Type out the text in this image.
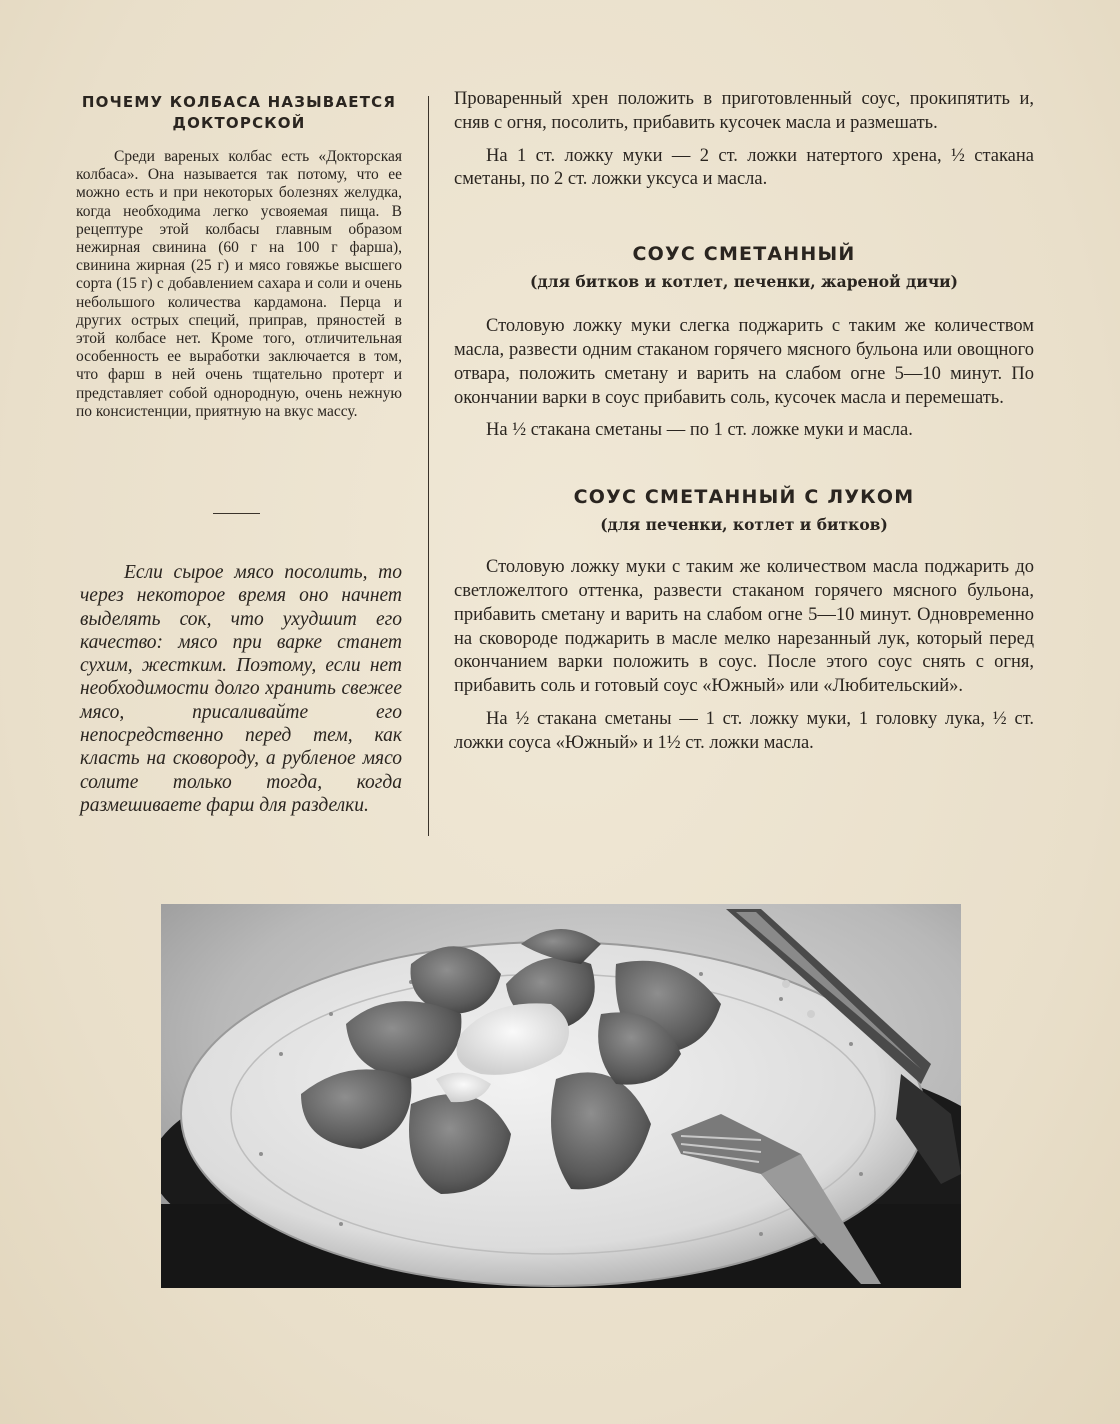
ПОЧЕМУ КОЛБАСА НАЗЫВАЕТСЯ
ДОКТОРСКОЙ

Среди вареных колбас есть «Докторская колбаса». Она называется так потому, что ее можно есть и при некоторых болезнях желудка, когда необходима легко усвояемая пища. В рецептуре этой колбасы главным образом нежирная свинина (60 г на 100 г фарша), свинина жирная (25 г) и мясо говяжье высшего сорта (15 г) с добавлением сахара и соли и очень небольшого количества кардамона. Перца и других острых специй, приправ, пряностей в этой колбасе нет. Кроме того, отличительная особенность ее выработки заключается в том, что фарш в ней очень тщательно протерт и представляет собой однородную, очень нежную по консистенции, приятную на вкус массу.

Если сырое мясо посолить, то через некоторое время оно начнет выделять сок, что ухудшит его качество: мясо при варке станет сухим, жестким. Поэтому, если нет необходимости долго хранить свежее мясо, присаливайте его непосредственно перед тем, как класть на сковороду, а рубленое мясо солите только тогда, когда размешиваете фарш для разделки.

Проваренный хрен положить в приготовленный соус, прокипятить и, сняв с огня, посолить, прибавить кусочек масла и размешать.

На 1 ст. ложку муки — 2 ст. ложки натертого хрена, ½ стакана сметаны, по 2 ст. ложки уксуса и масла.

СОУС СМЕТАННЫЙ

(для битков и котлет, печенки, жареной дичи)

Столовую ложку муки слегка поджарить с таким же количеством масла, развести одним стаканом горячего мясного бульона или овощного отвара, положить сметану и варить на слабом огне 5—10 минут. По окончании варки в соус прибавить соль, кусочек масла и перемешать.

На ½ стакана сметаны — по 1 ст. ложке муки и масла.

СОУС СМЕТАННЫЙ С ЛУКОМ

(для печенки, котлет и битков)

Столовую ложку муки с таким же количеством масла поджарить до светложелтого оттенка, развести стаканом горячего мясного бульона, прибавить сметану и варить на слабом огне 5—10 минут. Одновременно на сковороде поджарить в масле мелко нарезанный лук, который перед окончанием варки положить в соус. После этого соус снять с огня, прибавить соль и готовый соус «Южный» или «Любительский».

На ½ стакана сметаны — 1 ст. ложку муки, 1 головку лука, ½ ст. ложки соуса «Южный» и 1½ ст. ложки масла.
